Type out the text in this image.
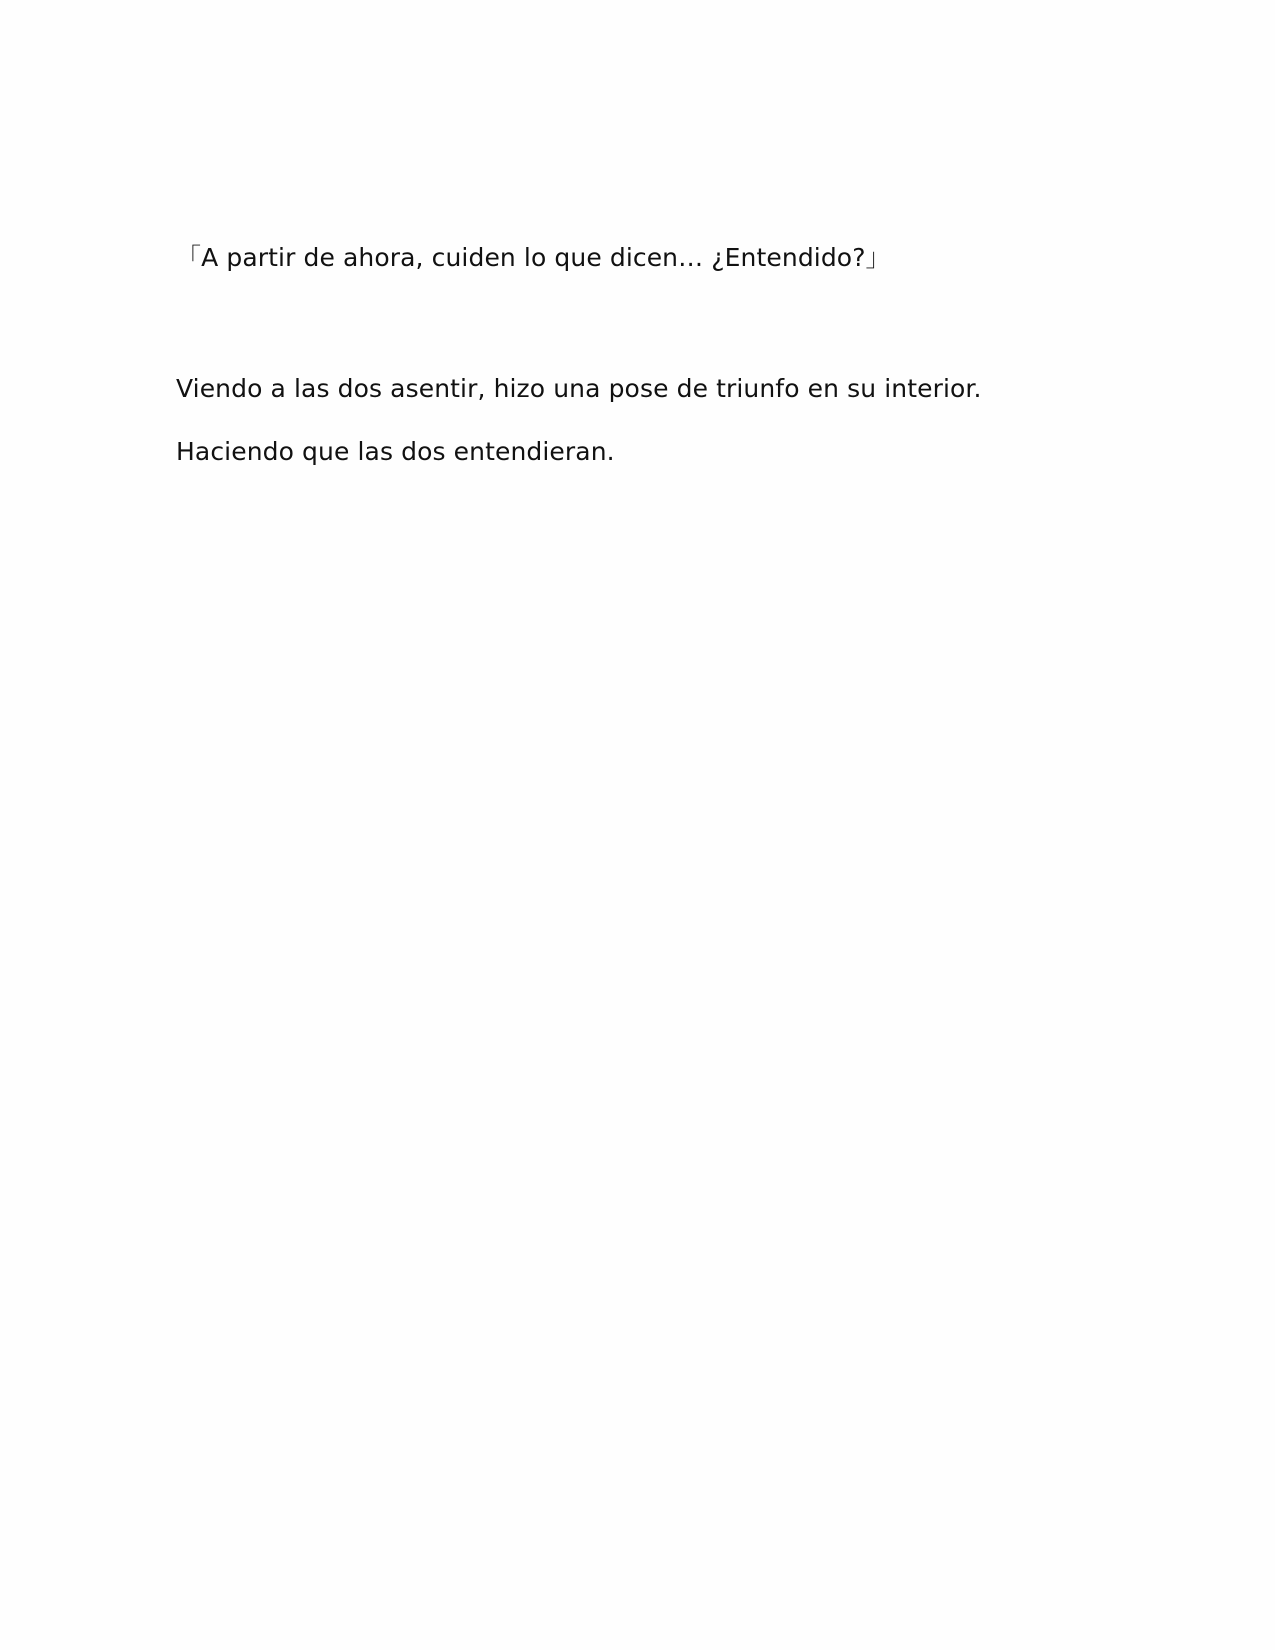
「A partir de ahora, cuiden lo que dicen… ¿Entendido?」

Viendo a las dos asentir, hizo una pose de triunfo en su interior.

Haciendo que las dos entendieran.
